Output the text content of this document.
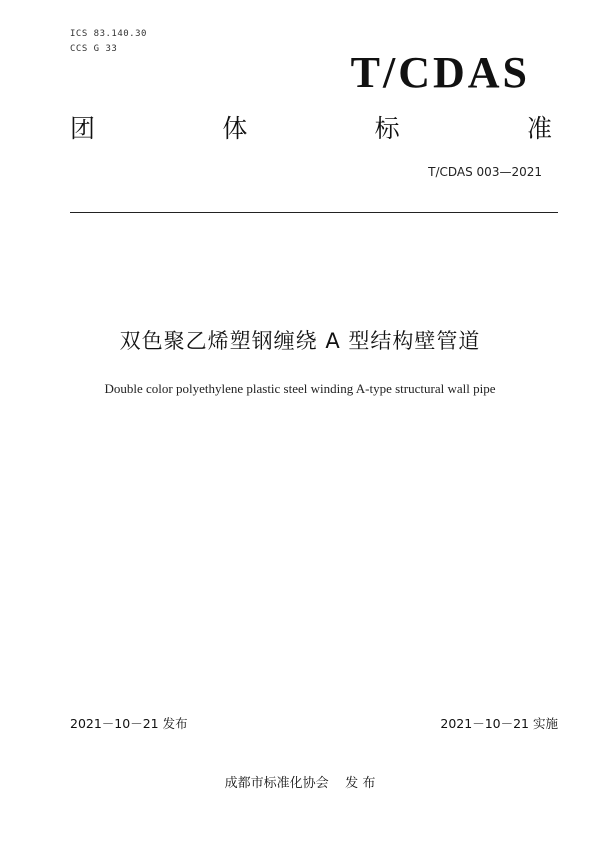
ICS 83.140.30
CCS G 33	T/CDAS
团	体	标	准
T/CDAS 003—2021
双色聚乙烯塑钢缠绕 A 型结构壁管道
Double color polyethylene plastic steel winding A-type structural wall pipe
2021－10－21 发布	2021－10－21 实施
成都市标准化协会    发 布
